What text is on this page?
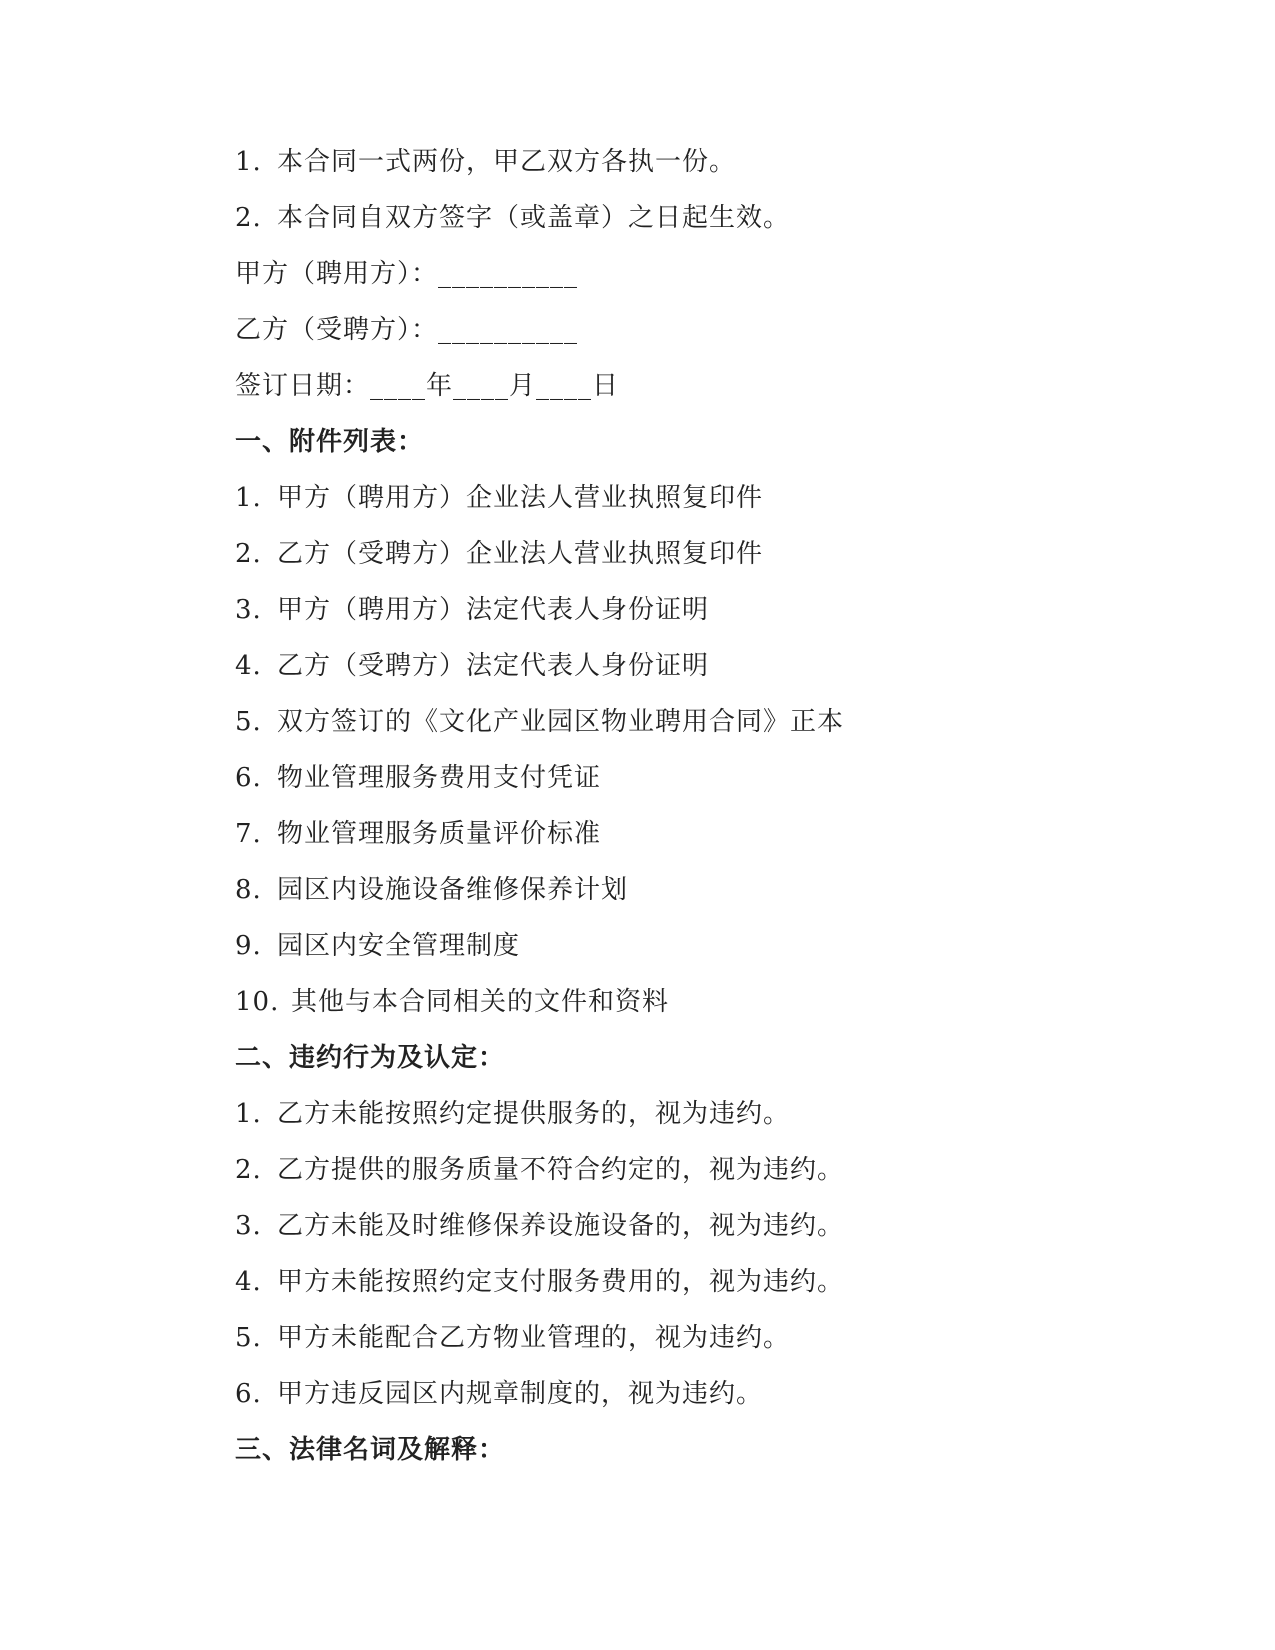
1. 本合同一式两份，甲乙双方各执一份。
2. 本合同自双方签字（或盖章）之日起生效。
甲方（聘用方）：__________
乙方（受聘方）：__________
签订日期：____年____月____日
一、附件列表：
1. 甲方（聘用方）企业法人营业执照复印件
2. 乙方（受聘方）企业法人营业执照复印件
3. 甲方（聘用方）法定代表人身份证明
4. 乙方（受聘方）法定代表人身份证明
5. 双方签订的《文化产业园区物业聘用合同》正本
6. 物业管理服务费用支付凭证
7. 物业管理服务质量评价标准
8. 园区内设施设备维修保养计划
9. 园区内安全管理制度
10. 其他与本合同相关的文件和资料
二、违约行为及认定：
1. 乙方未能按照约定提供服务的，视为违约。
2. 乙方提供的服务质量不符合约定的，视为违约。
3. 乙方未能及时维修保养设施设备的，视为违约。
4. 甲方未能按照约定支付服务费用的，视为违约。
5. 甲方未能配合乙方物业管理的，视为违约。
6. 甲方违反园区内规章制度的，视为违约。
三、法律名词及解释：
